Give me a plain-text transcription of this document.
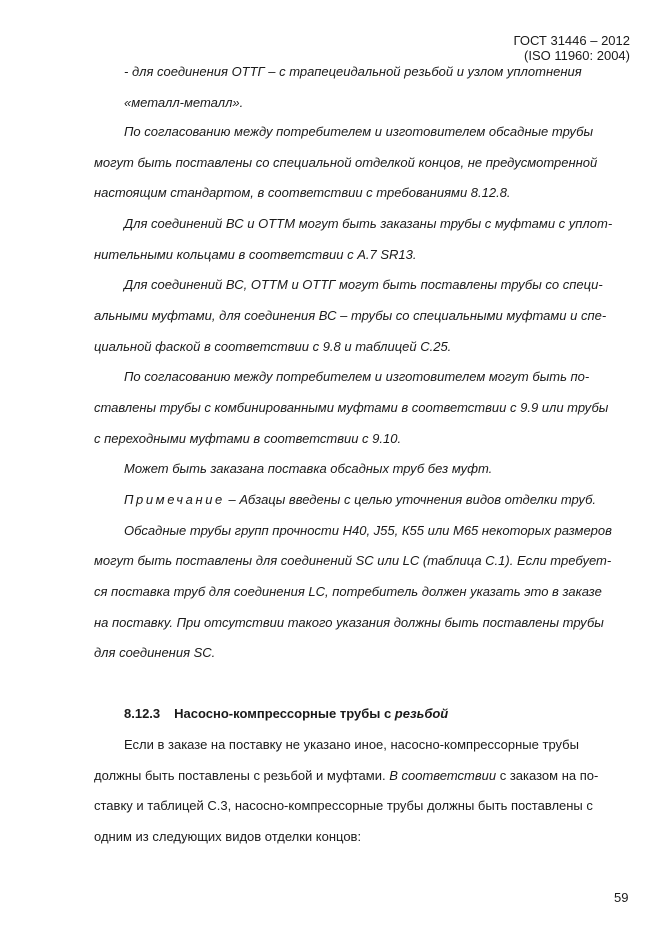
ГОСТ 31446 – 2012
(ISO 11960: 2004)
- для соединения ОТТГ – с трапецеидальной резьбой и узлом уплотнения
«металл-металл».
По согласованию между потребителем и изготовителем обсадные трубы
могут быть поставлены со специальной отделкой концов, не предусмотренной
настоящим стандартом, в соответствии с требованиями 8.12.8.
Для соединений ВС и ОТТМ могут быть заказаны трубы с муфтами с уплот-
нительными кольцами в соответствии с А.7 SR13.
Для соединений ВС, ОТТМ и ОТТГ могут быть поставлены трубы со специ-
альными муфтами, для соединения ВС – трубы со специальными муфтами и спе-
циальной фаской в соответствии с 9.8 и таблицей С.25.
По согласованию между потребителем и изготовителем могут быть по-
ставлены трубы с комбинированными муфтами в соответствии с 9.9 или трубы
с переходными муфтами в соответствии с 9.10.
Может быть заказана поставка обсадных труб без муфт.
Примечание – Абзацы введены с целью уточнения видов отделки труб.
Обсадные трубы групп прочности Н40, J55, К55 или М65 некоторых размеров
могут быть поставлены для соединений SC или LC (таблица С.1). Если требует-
ся поставка труб для соединения LC, потребитель должен указать это в заказе
на поставку. При отсутствии такого указания должны быть поставлены трубы
для соединения SC.
8.12.3 Насосно-компрессорные трубы с резьбой
Если в заказе на поставку не указано иное, насосно-компрессорные трубы
должны быть поставлены с резьбой и муфтами. В соответствии с заказом на по-
ставку и таблицей С.3, насосно-компрессорные трубы должны быть поставлены с
одним из следующих видов отделки концов:
59
